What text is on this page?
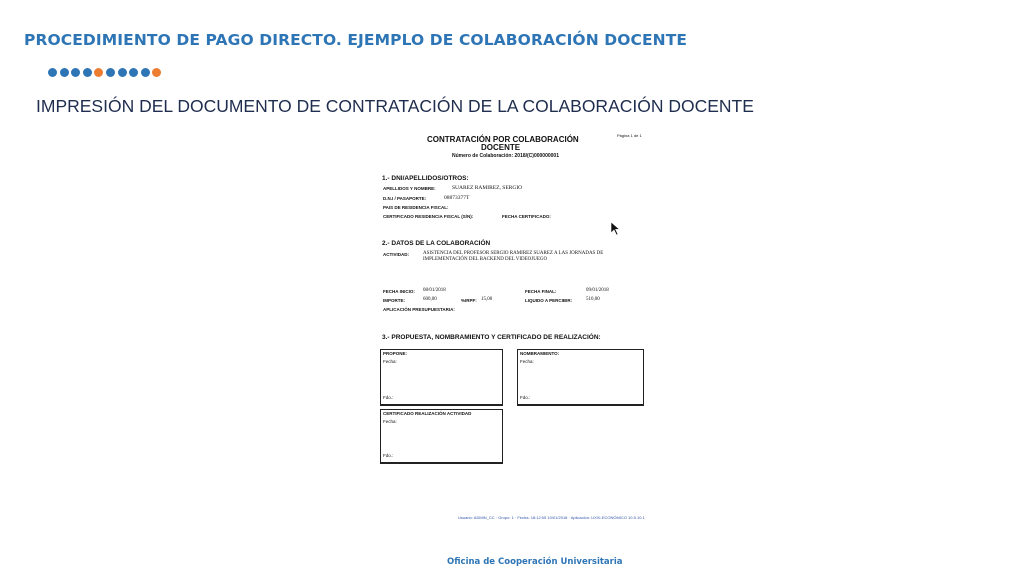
PROCEDIMIENTO DE PAGO DIRECTO. EJEMPLO DE COLABORACIÓN DOCENTE
IMPRESIÓN DEL DOCUMENTO DE CONTRATACIÓN DE LA COLABORACIÓN DOCENTE
CONTRATACIÓN POR COLABORACIÓN
DOCENTE
Página 1 de 1
Número de Colaboración: 2018/(C)000000001
1.- DNI/APELLIDOS/OTROS:
APELLIDOS Y NOMBRE:	SUAREZ RAMIREZ, SERGIO
D.N.I / PASAPORTE:	08873377T
PAIS DE RESIDENCIA FISCAL:
CERTIFICADO RESIDENCIA FISCAL (S/N):	FECHA CERTIFICADO:
2.- DATOS DE LA COLABORACIÓN
ACTIVIDAD:	ASISTENCIA DEL PROFESOR SERGIO RAMIREZ SUAREZ A LAS JORNADAS DE
IMPLEMENTACIÓN DEL BACKEND DEL VIDEOJUEGO
FECHA INICIO: 08/01/2018	FECHA FINAL:	09/01/2018
IMPORTE:	600,00	%IRPF: 15,00	LIQUIDO A PERCIBIR:	510,00
APLICACIÓN PRESUPUESTARIA:
3.- PROPUESTA, NOMBRAMIENTO Y CERTIFICADO DE REALIZACIÓN:
PROPONE:
Fecha:
Fdo.:
NOMBRAMIENTO:
Fecha:
Fdo.:
CERTIFICADO REALIZACIÓN ACTIVIDAD
Fecha:
Fdo.:
Usuario: ADMIN_CC · Grupo: 1 · Fecha: 18:12:05 10/01/2018 · Aplicación: UXXI-ECONÓMICO 10.5.10.1
Oficina de Cooperación Universitaria
